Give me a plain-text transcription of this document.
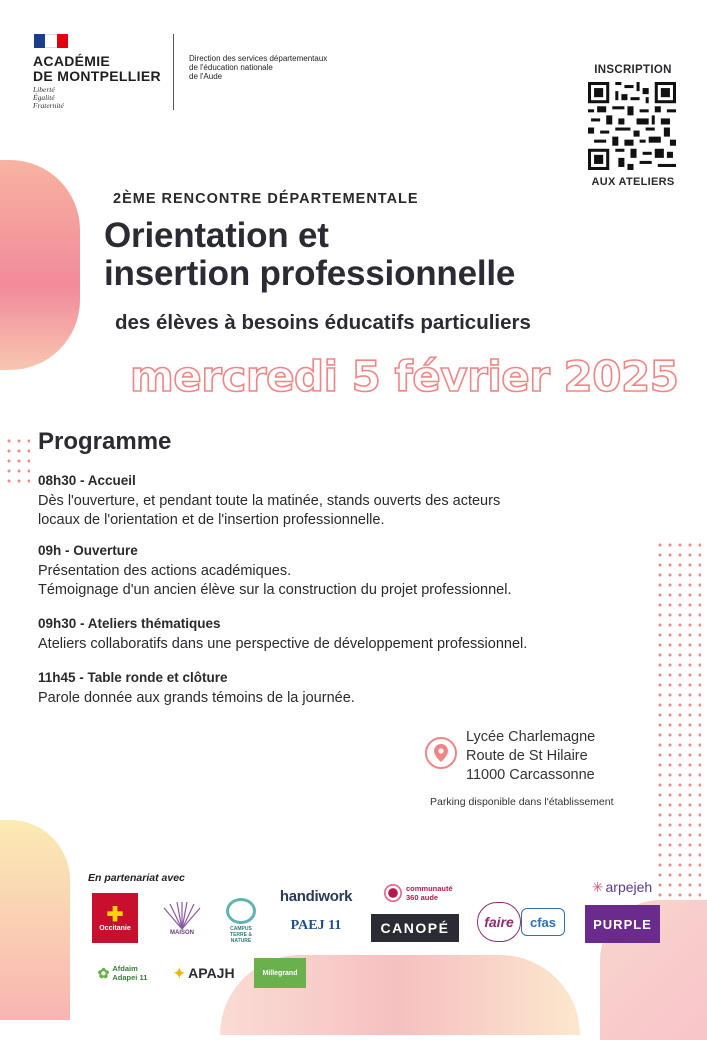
ACADÉMIE
DE MONTPELLIER
Liberté
Égalité
Fraternité
Direction des services départementaux
de l'éducation nationale
de l'Aude
INSCRIPTION
AUX ATELIERS
2ÈME RENCONTRE DÉPARTEMENTALE
Orientation et
insertion professionnelle
des élèves à besoins éducatifs particuliers
mercredi 5 février 2025
Programme
08h30 - Accueil
Dès l'ouverture, et pendant toute la matinée, stands ouverts des acteurs
locaux de l'orientation et de l'insertion professionnelle.
09h - Ouverture
Présentation des actions académiques.
Témoignage d'un ancien élève sur la construction du projet professionnel.
09h30 - Ateliers thématiques
Ateliers collaboratifs dans une perspective de développement professionnel.
11h45 - Table ronde et clôture
Parole donnée aux grands témoins de la journée.
Lycée Charlemagne
Route de St Hilaire
11000 Carcassonne
Parking disponible dans l'établissement
En partenariat avec
✚
Occitanie
MAISON
CAMPUS TERRE & NATURE
handiwork
PAEJ 11
communauté 360 aude
CANOPÉ	faire	cfas
✳ arpejeh
PURPLE
✿ Afdaim Adapei 11	✦ APAJH	Millegrand
